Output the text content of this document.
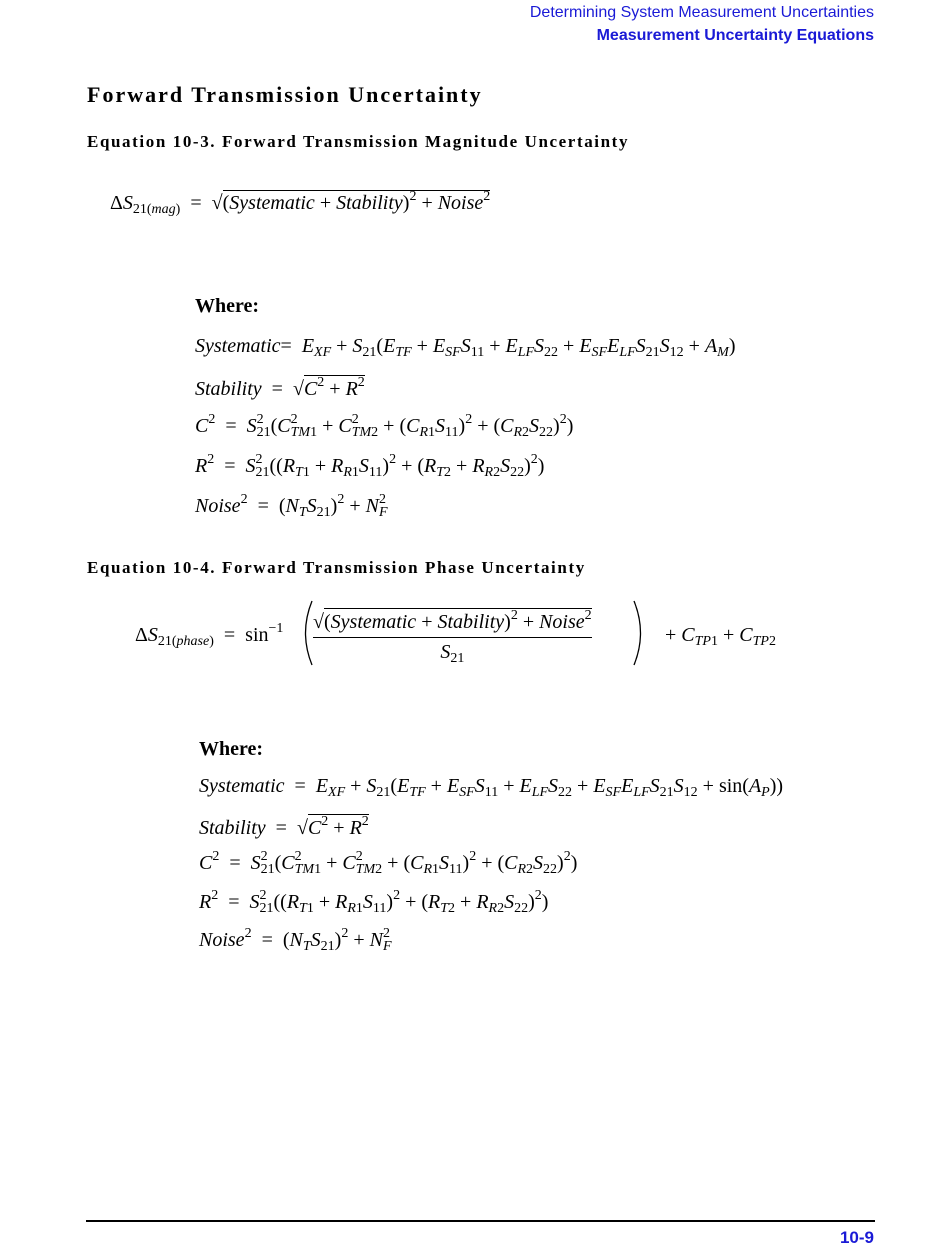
Determining System Measurement Uncertainties
Measurement Uncertainty Equations
Forward Transmission Uncertainty
Equation 10-3. Forward Transmission Magnitude Uncertainty
$\Delta S_{21(mag)}$  =  √(Systematic + Stability)$^2$ + Noise$^2$
Where:
Systematic=  $E_{XF} + S_{21}(E_{TF} + E_{SF}S_{11} + E_{LF}S_{22} + E_{SF}E_{LF}S_{21}S_{12} + A_M)$
Stability  =  $√C^2 + R^2$
$C^2 = S^2_{21}(C^2_{TM1} + C^2_{TM2} + (C_{R1}S_{11})^2 + (C_{R2}S_{22})^2)$
$R^2 = S^2_{21}((R_{T1} + R_{R1}S_{11})^2 + (R_{T2} + R_{R2}S_{22})^2)$
Noise$^2$  =  $(N_TS_{21})^2 + N^2_F$
Equation 10-4. Forward Transmission Phase Uncertainty
$\Delta S_{21(phase)} = \sin^{-1}$ √(Systematic + Stability)$^2$ + Noise$^2$
$S_{21}$
+ $C_{TP1} + C_{TP2}$
Where:
Systematic  =  $E_{XF} + S_{21}(E_{TF} + E_{SF}S_{11} + E_{LF}S_{22} + E_{SF}E_{LF}S_{21}S_{12} + \sin(A_P))$
Stability  =  $√C^2 + R^2$
$C^2 = S^2_{21}(C^2_{TM1} + C^2_{TM2} + (C_{R1}S_{11})^2 + (C_{R2}S_{22})^2)$
$R^2 = S^2_{21}((R_{T1} + R_{R1}S_{11})^2 + (R_{T2} + R_{R2}S_{22})^2)$
Noise$^2$  =  $(N_TS_{21})^2 + N^2_F$
10-9
